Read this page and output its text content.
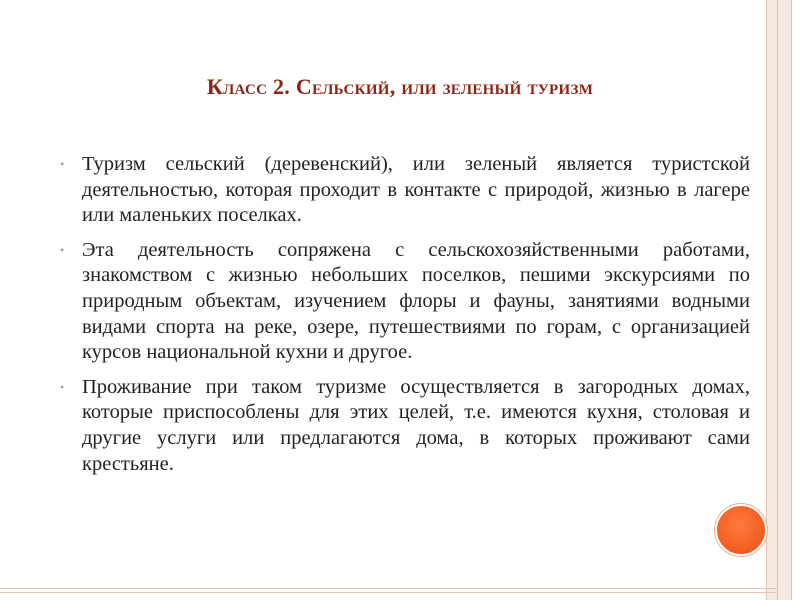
Класс 2. Сельский, или зеленый туризм
• Туризм сельский (деревенский), или зеленый является туристской деятельностью, которая проходит в контакте с природой, жизнью в лагере или маленьких поселках.
• Эта деятельность сопряжена с сельскохозяйственными работами, знакомством с жизнью небольших поселков, пешими экскурсиями по природным объектам, изучением флоры и фауны, занятиями водными видами спорта на реке, озере, путешествиями по горам, с организацией курсов национальной кухни и другое.
• Проживание при таком туризме осуществляется в загородных домах, которые приспособлены для этих целей, т.е. имеются кухня, столовая и другие услуги или предлагаются дома, в которых проживают сами крестьяне.
